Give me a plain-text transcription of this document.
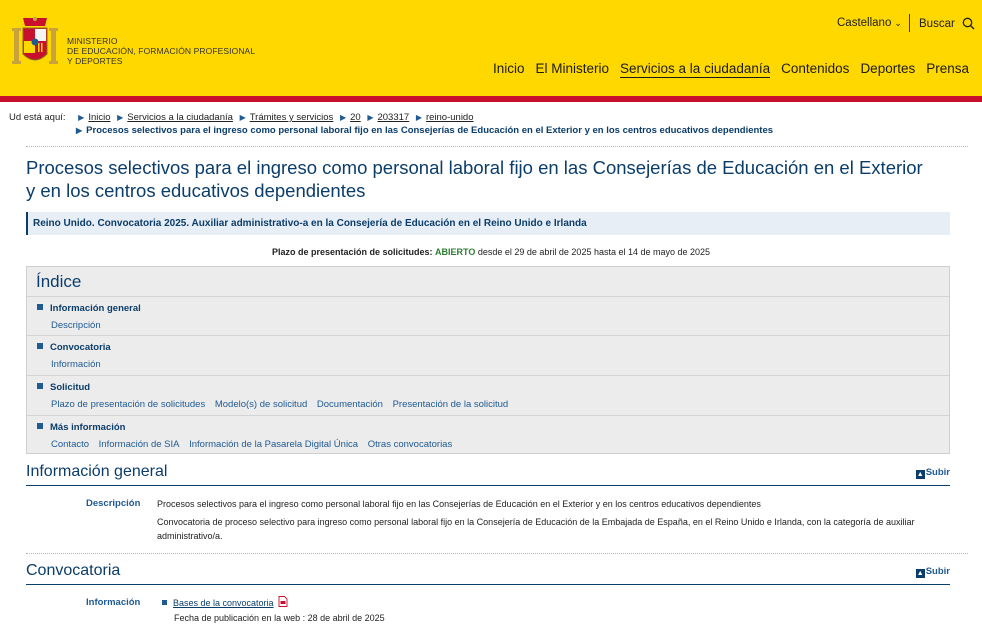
MINISTERIO
DE EDUCACIÓN, FORMACIÓN PROFESIONAL
Y DEPORTES
Castellano ⌄ Buscar
Inicio El Ministerio Servicios a la ciudadanía Contenidos Deportes Prensa
Ud está aquí: ▶ Inicio ▶ Servicios a la ciudadanía ▶ Trámites y servicios ▶ 20 ▶ 203317 ▶ reino-unido
▶ Procesos selectivos para el ingreso como personal laboral fijo en las Consejerías de Educación en el Exterior y en los centros educativos dependientes
Procesos selectivos para el ingreso como personal laboral fijo en las Consejerías de Educación en el Exterior y en los centros educativos dependientes
Reino Unido. Convocatoria 2025. Auxiliar administrativo-a en la Consejería de Educación en el Reino Unido e Irlanda
Plazo de presentación de solicitudes: ABIERTO desde el 29 de abril de 2025 hasta el 14 de mayo de 2025
Índice
Información general
Descripción
Convocatoria
Información
Solicitud
Plazo de presentación de solicitudes Modelo(s) de solicitud Documentación Presentación de la solicitud
Más información
Contacto Información de SIA Información de la Pasarela Digital Única Otras convocatorias
Información general	▲ Subir
Descripción Procesos selectivos para el ingreso como personal laboral fijo en las Consejerías de Educación en el Exterior y en los centros educativos dependientes
Convocatoria de proceso selectivo para ingreso como personal laboral fijo en la Consejería de Educación de la Embajada de España, en el Reino Unido e Irlanda, con la categoría de auxiliar administrativo/a.
Convocatoria	▲ Subir
Información	Bases de la convocatoria
Fecha de publicación en la web : 28 de abril de 2025
